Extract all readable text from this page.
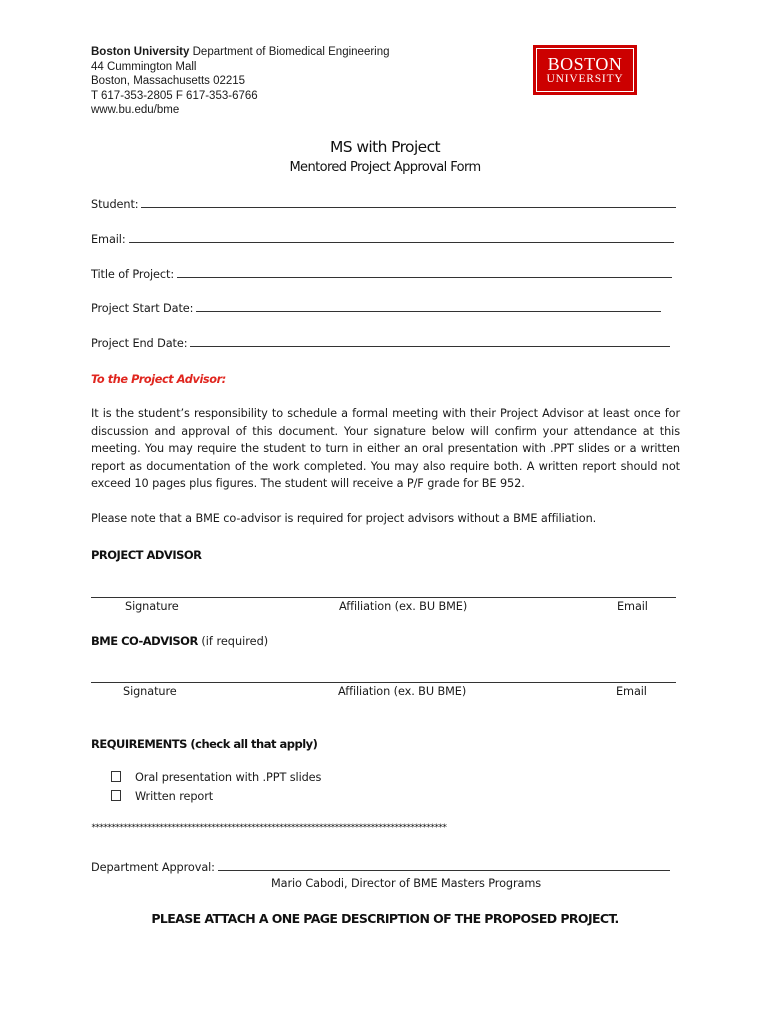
Boston University Department of Biomedical Engineering
44 Cummington Mall
Boston, Massachusetts 02215
T 617-353-2805 F 617-353-6766
www.bu.edu/bme
BOSTON
UNIVERSITY
MS with Project
Mentored Project Approval Form
Student:
Email:
Title of Project:
Project Start Date:
Project End Date:
To the Project Advisor:
It is the student’s responsibility to schedule a formal meeting with their Project Advisor at least once for discussion and approval of this document. Your signature below will confirm your attendance at this meeting. You may require the student to turn in either an oral presentation with .PPT slides or a written report as documentation of the work completed. You may also require both. A written report should not exceed 10 pages plus figures. The student will receive a P/F grade for BE 952.
Please note that a BME co-advisor is required for project advisors without a BME affiliation.
PROJECT ADVISOR
Signature	Affiliation (ex. BU BME)	Email
BME CO-ADVISOR (if required)
Signature	Affiliation (ex. BU BME)	Email
REQUIREMENTS (check all that apply)
Oral presentation with .PPT slides
Written report
*****************************************************************************************
Department Approval:
Mario Cabodi, Director of BME Masters Programs
PLEASE ATTACH A ONE PAGE DESCRIPTION OF THE PROPOSED PROJECT.
